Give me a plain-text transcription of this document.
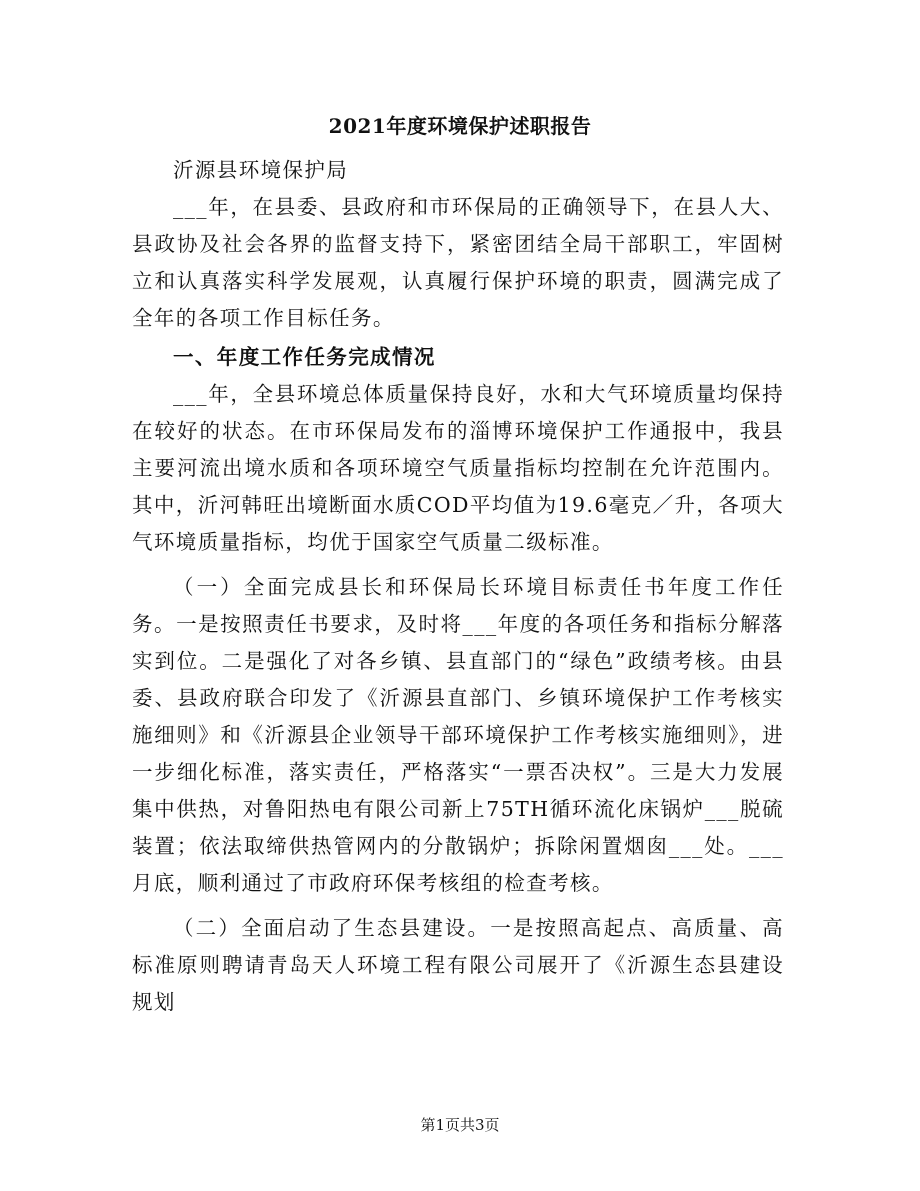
2021年度环境保护述职报告

沂源县环境保护局

___年，在县委、县政府和市环保局的正确领导下，在县人大、县政协及社会各界的监督支持下，紧密团结全局干部职工，牢固树立和认真落实科学发展观，认真履行保护环境的职责，圆满完成了全年的各项工作目标任务。

一、年度工作任务完成情况

___年，全县环境总体质量保持良好，水和大气环境质量均保持在较好的状态。在市环保局发布的淄博环境保护工作通报中，我县主要河流出境水质和各项环境空气质量指标均控制在允许范围内。其中，沂河韩旺出境断面水质COD平均值为19.6毫克／升，各项大气环境质量指标，均优于国家空气质量二级标准。

（一）全面完成县长和环保局长环境目标责任书年度工作任务。一是按照责任书要求，及时将___年度的各项任务和指标分解落实到位。二是强化了对各乡镇、县直部门的“绿色”政绩考核。由县委、县政府联合印发了《沂源县直部门、乡镇环境保护工作考核实施细则》和《沂源县企业领导干部环境保护工作考核实施细则》，进一步细化标准，落实责任，严格落实“一票否决权”。三是大力发展集中供热，对鲁阳热电有限公司新上75TH循环流化床锅炉___脱硫装置；依法取缔供热管网内的分散锅炉；拆除闲置烟囱___处。___月底，顺利通过了市政府环保考核组的检查考核。

（二）全面启动了生态县建设。一是按照高起点、高质量、高标准原则聘请青岛天人环境工程有限公司展开了《沂源生态县建设规划

第1页共3页
